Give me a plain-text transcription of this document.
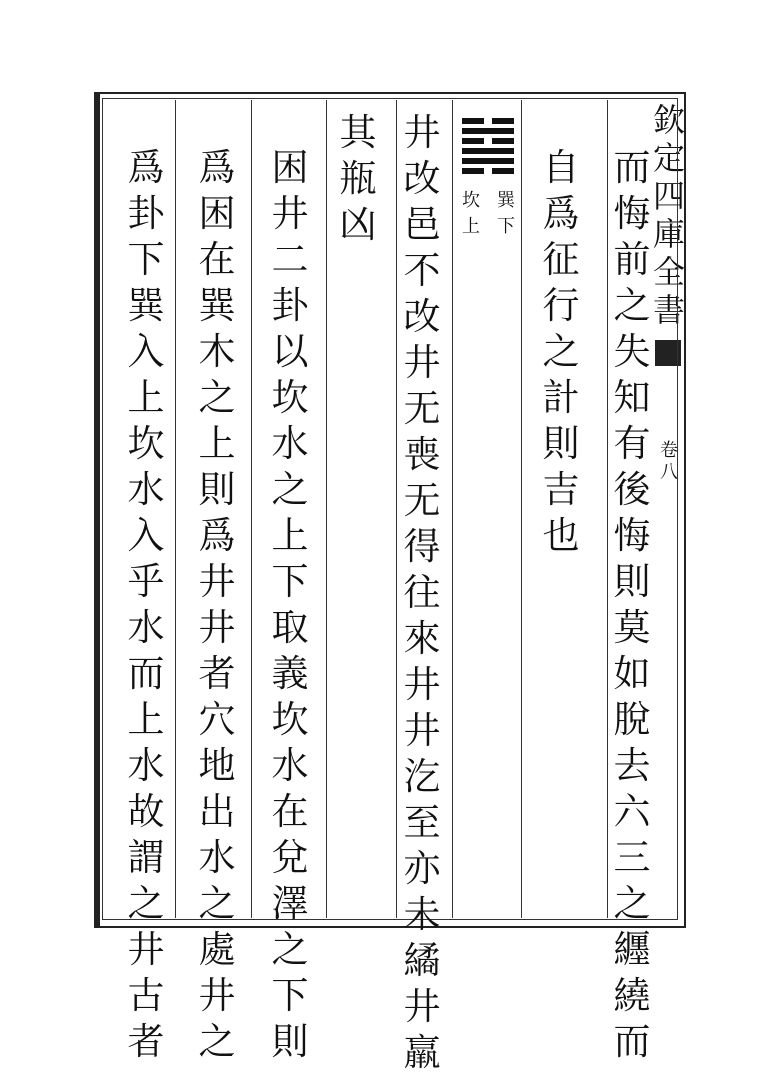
欽
定
四
庫
全
書
卷
八
而
悔
前
之
失
知
有
後
悔
則
莫
如
脫
去
六
三
之
纒
繞
而
自
爲
征
行
之
計
則
吉
也
巽
下
坎
上
井
改
邑
不
改
井
无
喪
无
得
往
來
井
井
汔
至
亦
未
繘
井
羸
其
瓶
凶
困
井
二
卦
以
坎
水
之
上
下
取
義
坎
水
在
兌
澤
之
下
則
爲
困
在
巽
木
之
上
則
爲
井
井
者
穴
地
出
水
之
處
井
之
爲
卦
下
巽
入
上
坎
水
入
乎
水
而
上
水
故
謂
之
井
古
者
